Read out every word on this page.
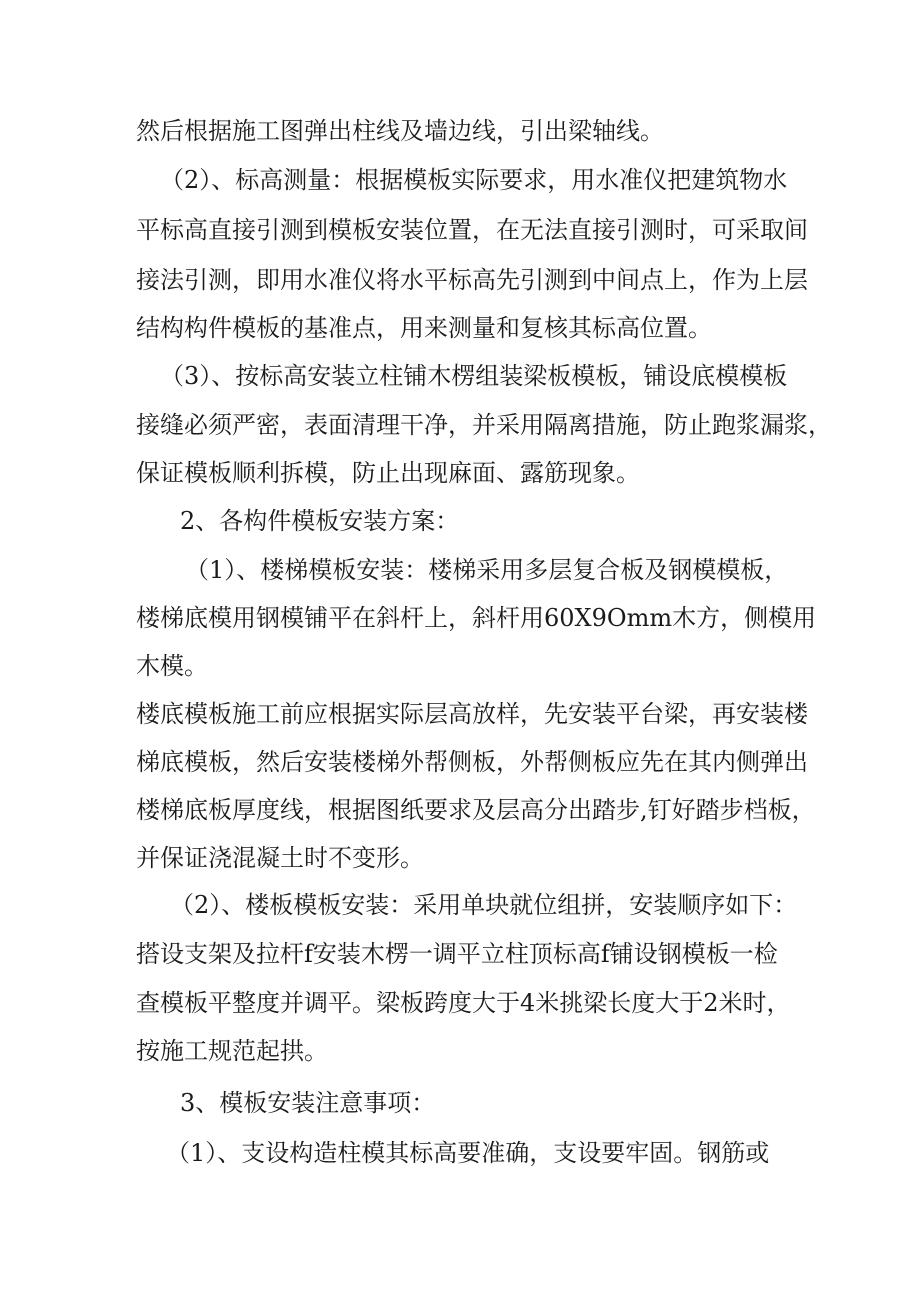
然后根据施工图弹出柱线及墙边线，引出梁轴线。
（2）、标高测量：根据模板实际要求，用水准仪把建筑物水
平标高直接引测到模板安装位置，在无法直接引测时，可采取间
接法引测，即用水准仪将水平标高先引测到中间点上，作为上层
结构构件模板的基准点，用来测量和复核其标高位置。
（3）、按标高安装立柱铺木楞组装梁板模板，铺设底模模板
接缝必须严密，表面清理干净，并采用隔离措施，防止跑浆漏浆，
保证模板顺利拆模，防止出现麻面、露筋现象。
2、各构件模板安装方案：
（1）、楼梯模板安装：楼梯采用多层复合板及钢模模板，
楼梯底模用钢模铺平在斜杆上，斜杆用60X9Omm木方，侧模用
木模。
楼底模板施工前应根据实际层高放样，先安装平台梁，再安装楼
梯底模板，然后安装楼梯外帮侧板，外帮侧板应先在其内侧弹出
楼梯底板厚度线，根据图纸要求及层高分出踏步,钉好踏步档板，
并保证浇混凝土时不变形。
（2）、楼板模板安装：采用单块就位组拼，安装顺序如下：
搭设支架及拉杆f安装木楞一调平立柱顶标高f铺设钢模板一检
查模板平整度并调平。梁板跨度大于4米挑梁长度大于2米时，
按施工规范起拱。
3、模板安装注意事项：
（1）、支设构造柱模其标高要准确，支设要牢固。钢筋或
